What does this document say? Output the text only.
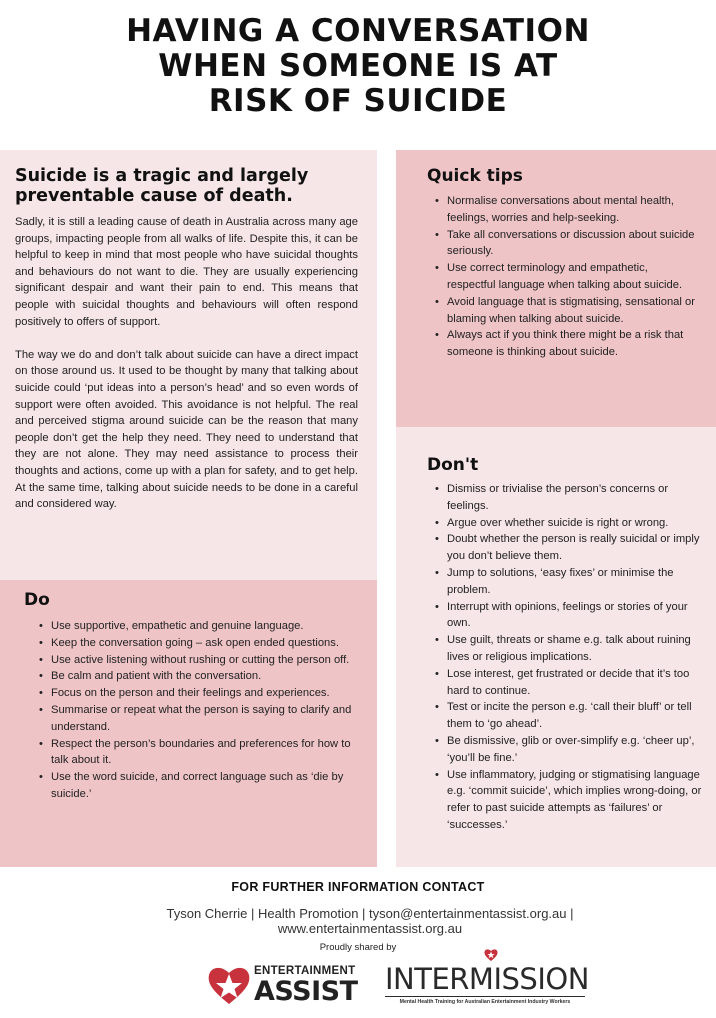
HAVING A CONVERSATION
WHEN SOMEONE IS AT
RISK OF SUICIDE
Suicide is a tragic and largely preventable cause of death.

Sadly, it is still a leading cause of death in Australia across many age groups, impacting people from all walks of life. Despite this, it can be helpful to keep in mind that most people who have suicidal thoughts and behaviours do not want to die. They are usually experiencing significant despair and want their pain to end. This means that people with suicidal thoughts and behaviours will often respond positively to offers of support.

The way we do and don’t talk about suicide can have a direct impact on those around us. It used to be thought by many that talking about suicide could ‘put ideas into a person’s head’ and so even words of support were often avoided. This avoidance is not helpful. The real and perceived stigma around suicide can be the reason that many people don’t get the help they need. They need to understand that they are not alone. They may need assistance to process their thoughts and actions, come up with a plan for safety, and to get help. At the same time, talking about suicide needs to be done in a careful and considered way.

Do
• Use supportive, empathetic and genuine language.
• Keep the conversation going – ask open ended questions.
• Use active listening without rushing or cutting the person off.
• Be calm and patient with the conversation.
• Focus on the person and their feelings and experiences.
• Summarise or repeat what the person is saying to clarify and understand.
• Respect the person’s boundaries and preferences for how to talk about it.
• Use the word suicide, and correct language such as ‘die by suicide.’
Quick tips
• Normalise conversations about mental health, feelings, worries and help-seeking.
• Take all conversations or discussion about suicide seriously.
• Use correct terminology and empathetic, respectful language when talking about suicide.
• Avoid language that is stigmatising, sensational or blaming when talking about suicide.
• Always act if you think there might be a risk that someone is thinking about suicide.
Don't
• Dismiss or trivialise the person’s concerns or feelings.
• Argue over whether suicide is right or wrong.
• Doubt whether the person is really suicidal or imply you don’t believe them.
• Jump to solutions, ‘easy fixes’ or minimise the problem.
• Interrupt with opinions, feelings or stories of your own.
• Use guilt, threats or shame e.g. talk about ruining lives or religious implications.
• Lose interest, get frustrated or decide that it’s too hard to continue.
• Test or incite the person e.g. ‘call their bluff’ or tell them to ‘go ahead’.
• Be dismissive, glib or over-simplify e.g. ‘cheer up’, ‘you’ll be fine.’
• Use inflammatory, judging or stigmatising language e.g. ‘commit suicide’, which implies wrong-doing, or refer to past suicide attempts as ‘failures’ or ‘successes.’
FOR FURTHER INFORMATION CONTACT
Tyson Cherrie | Health Promotion | tyson@entertainmentassist.org.au | www.entertainmentassist.org.au
Proudly shared by
ENTERTAINMENT
ASSIST INTERMISSION
Mental Health Training for Australian Entertainment Industry Workers
